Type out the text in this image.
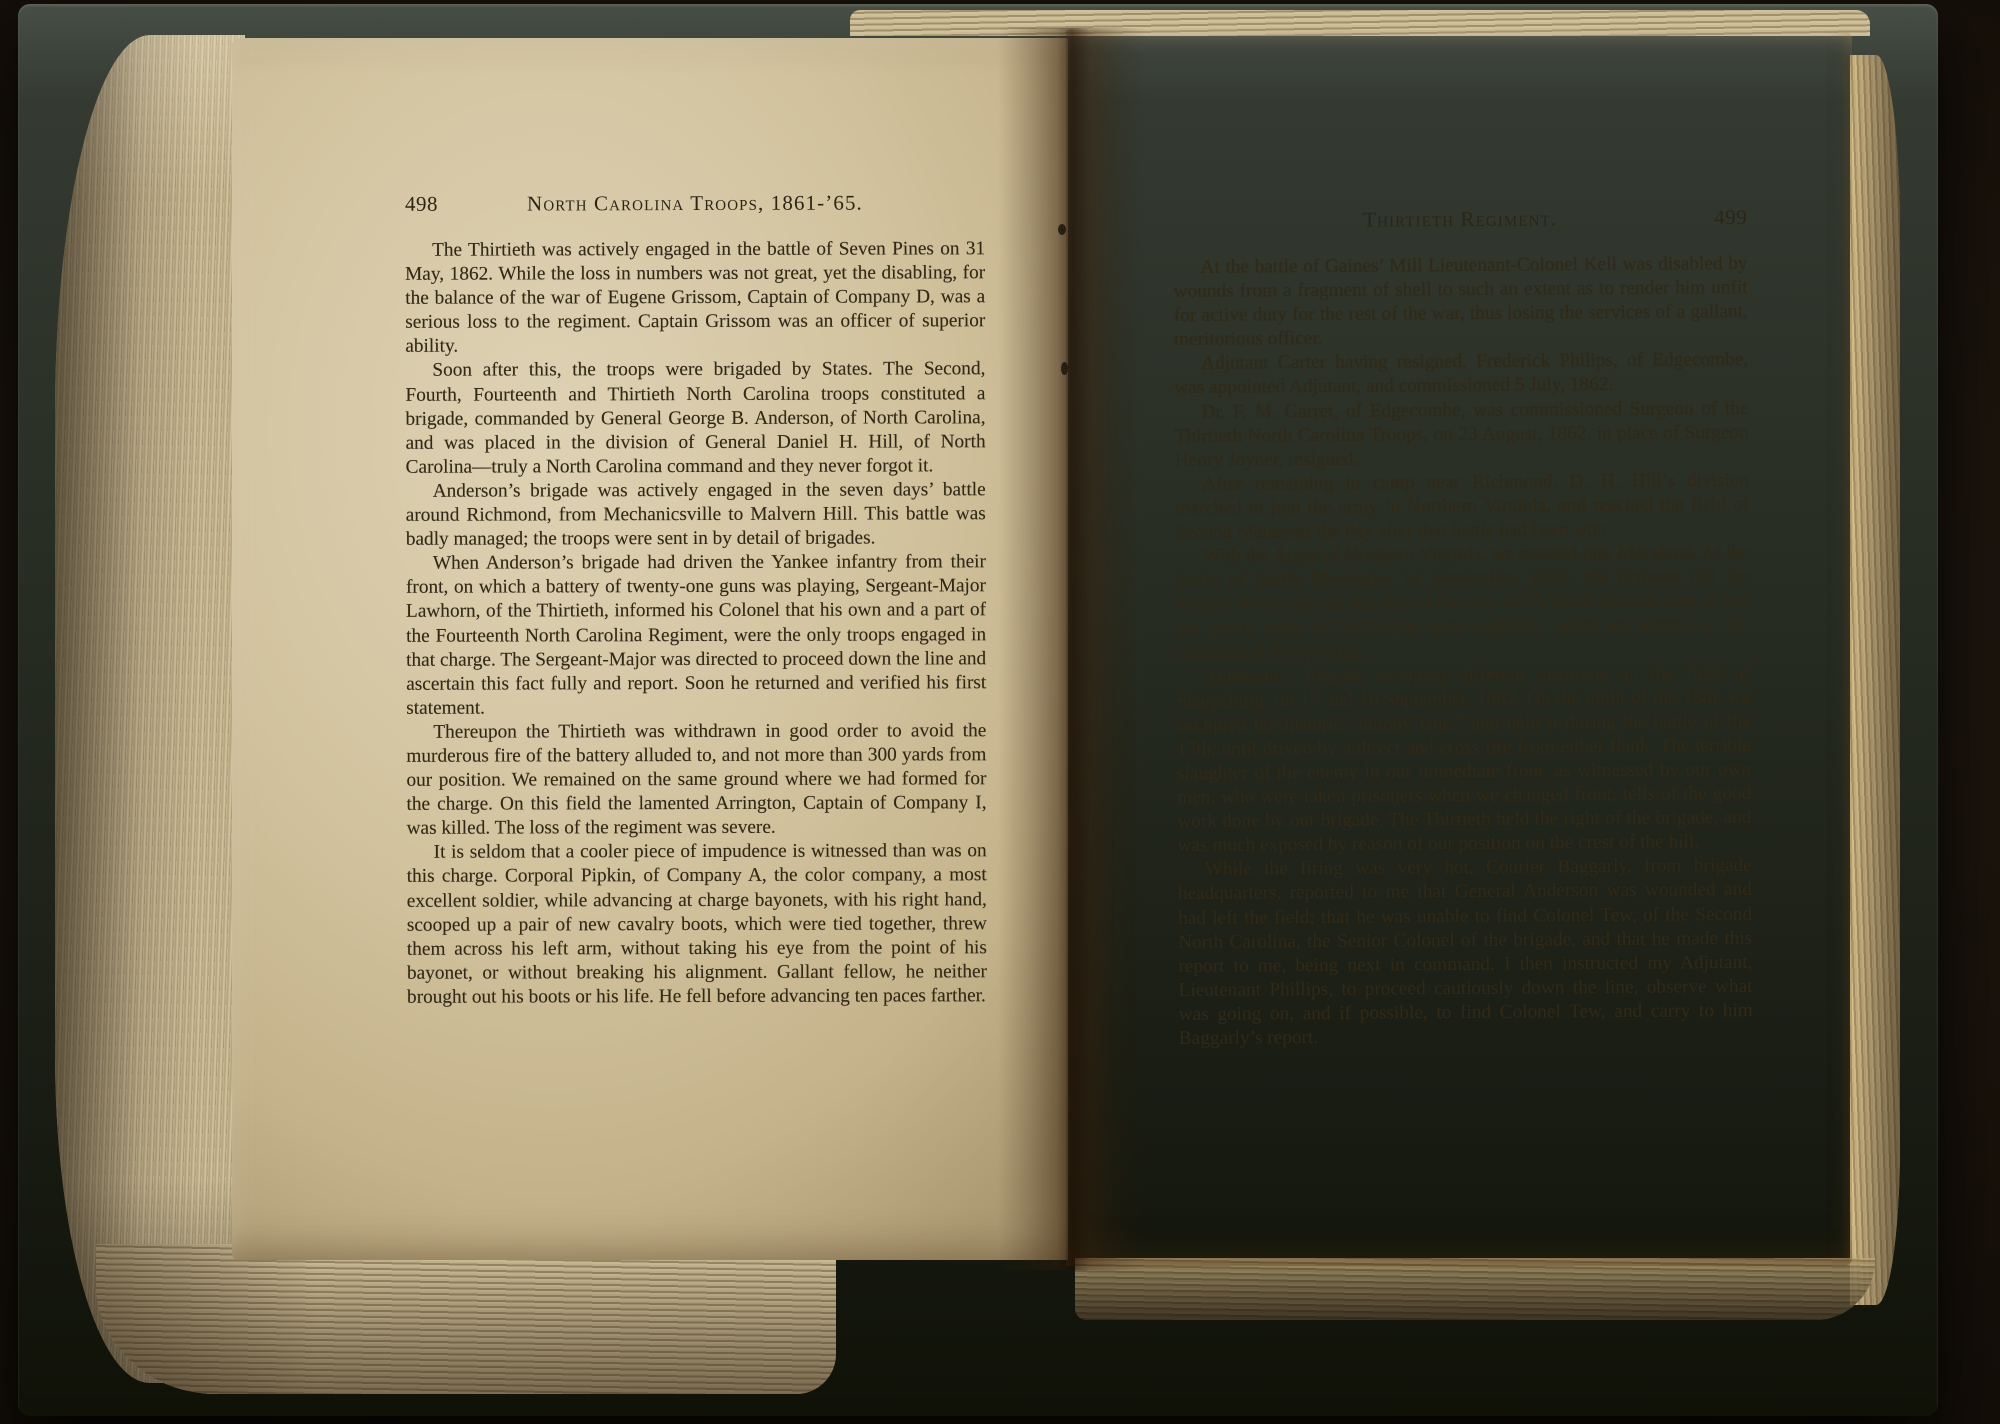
498	North Carolina Troops, 1861-’65.

The Thirtieth was actively engaged in the battle of Seven Pines on 31 May, 1862. While the loss in numbers was not great, yet the disabling, for the balance of the war of Eugene Grissom, Captain of Company D, was a serious loss to the regiment. Captain Grissom was an officer of superior ability.

Soon after this, the troops were brigaded by States. The Second, Fourth, Fourteenth and Thirtieth North Carolina troops constituted a brigade, commanded by General George B. Anderson, of North Carolina, and was placed in the division of General Daniel H. Hill, of North Carolina—truly a North Carolina command and they never forgot it.

Anderson’s brigade was actively engaged in the seven days’ battle around Richmond, from Mechanicsville to Malvern Hill. This battle was badly managed; the troops were sent in by detail of brigades.

When Anderson’s brigade had driven the Yankee infantry from their front, on which a battery of twenty-one guns was playing, Sergeant-Major Lawhorn, of the Thirtieth, informed his Colonel that his own and a part of the Fourteenth North Carolina Regiment, were the only troops engaged in that charge. The Sergeant-Major was directed to proceed down the line and ascertain this fact fully and report. Soon he returned and verified his first statement.

Thereupon the Thirtieth was withdrawn in good order to avoid the murderous fire of the battery alluded to, and not more than 300 yards from our position. We remained on the same ground where we had formed for the charge. On this field the lamented Arrington, Captain of Company I, was killed. The loss of the regiment was severe.

It is seldom that a cooler piece of impudence is witnessed than was on this charge. Corporal Pipkin, of Company A, the color company, a most excellent soldier, while advancing at charge bayonets, with his right hand, scooped up a pair of new cavalry boots, which were tied together, threw them across his left arm, without taking his eye from the point of his bayonet, or without breaking his alignment. Gallant fellow, he neither brought out his boots or his life. He fell before advancing ten paces farther.

Thirtieth Regiment.	499

At the battle of Gaines’ Mill Lieutenant-Colonel Kell was disabled by wounds from a fragment of shell to such an extent as to render him unfit for active duty for the rest of the war, thus losing the services of a gallant, meritorious officer.

Adjutant Carter having resigned, Frederick Philips, of Edgecombe, was appointed Adjutant, and commissioned 5 July, 1862.

Dr. F. M. Garret, of Edgecombe, was commissioned Surgeon of the Thirtieth North Carolina Troops, on 23 August, 1862, in place of Surgeon Henry Joyner, resigned.

After remaining in camp near Richmond, D. H. Hill’s division marched to join the army in Northern Virginia, and reached the field of Second Manassas the day after that battle had been won.

With the Army of Northern Virginia, we crossed into Maryland. At the battle of South Mountain, 14 September, 1862, the division did the hardest service of any one day of the war. Hill’s small division kept at bay the entire army of McClellan until nightfall, when we moved in the direction of Sharpsburg.

Anderson’s Brigade occupied different positions on the field of Sharpsburg, on 15 and 16 September, 1862. On the night of the 16th, we occupied the historic “bloody lane,” and held it during the battle of the 17th, until driven by a direct and cross fire from either flank. The terrible slaughter of the enemy in our immediate front, as witnessed by our own men, who were taken prisoners when we changed front, tells of the good work done by our brigade. The Thirtieth held the right of the brigade, and was much exposed by reason of our position on the crest of the hill.

While the firing was very hot, Courier Baggarly, from brigade headquarters, reported to me that General Anderson was wounded and had left the field; that he was unable to find Colonel Tew, of the Second North Carolina, the Senior Colonel of the brigade, and that he made this report to me, being next in command. I then instructed my Adjutant, Lieutenant Phillips, to proceed cautiously down the line, observe what was going on, and if possible, to find Colonel Tew, and carry to him Baggarly’s report.
